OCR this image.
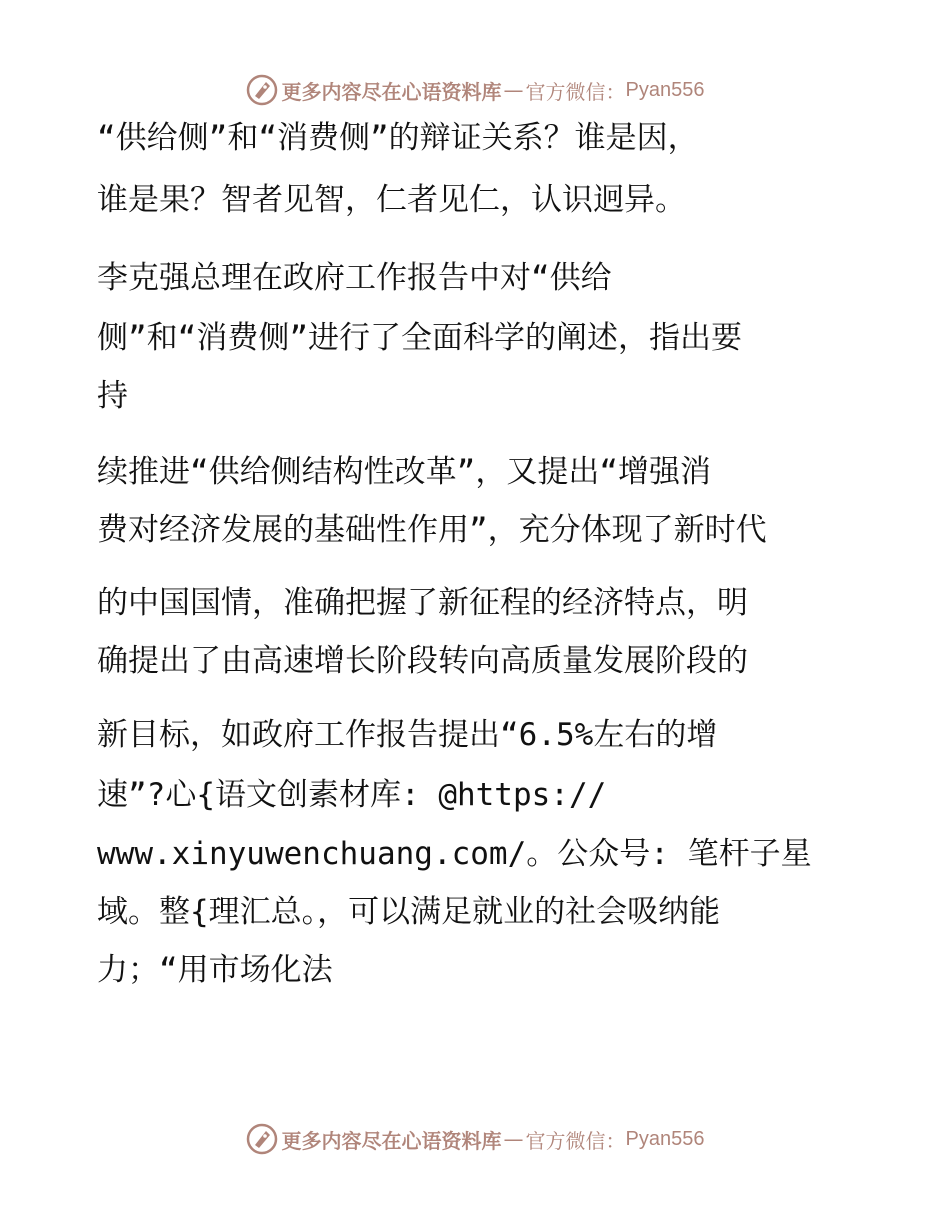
更多内容尽在心语资料库 — 官方微信： Pyan556
“供给侧”和“消费侧”的辩证关系？谁是因，
谁是果？智者见智，仁者见仁，认识迥异。
李克强总理在政府工作报告中对“供给
侧”和“消费侧”进行了全面科学的阐述，指出要
持
续推进“供给侧结构性改革”，又提出“增强消
费对经济发展的基础性作用”，充分体现了新时代
的中国国情，准确把握了新征程的经济特点，明
确提出了由高速增长阶段转向高质量发展阶段的
新目标，如政府工作报告提出“6.5%左右的增
速”?心{语文创素材库: @https://
www.xinyuwenchuang.com/。公众号: 笔杆子星
域。整{理汇总。，可以满足就业的社会吸纳能
力；“用市场化法
更多内容尽在心语资料库 — 官方微信： Pyan556
